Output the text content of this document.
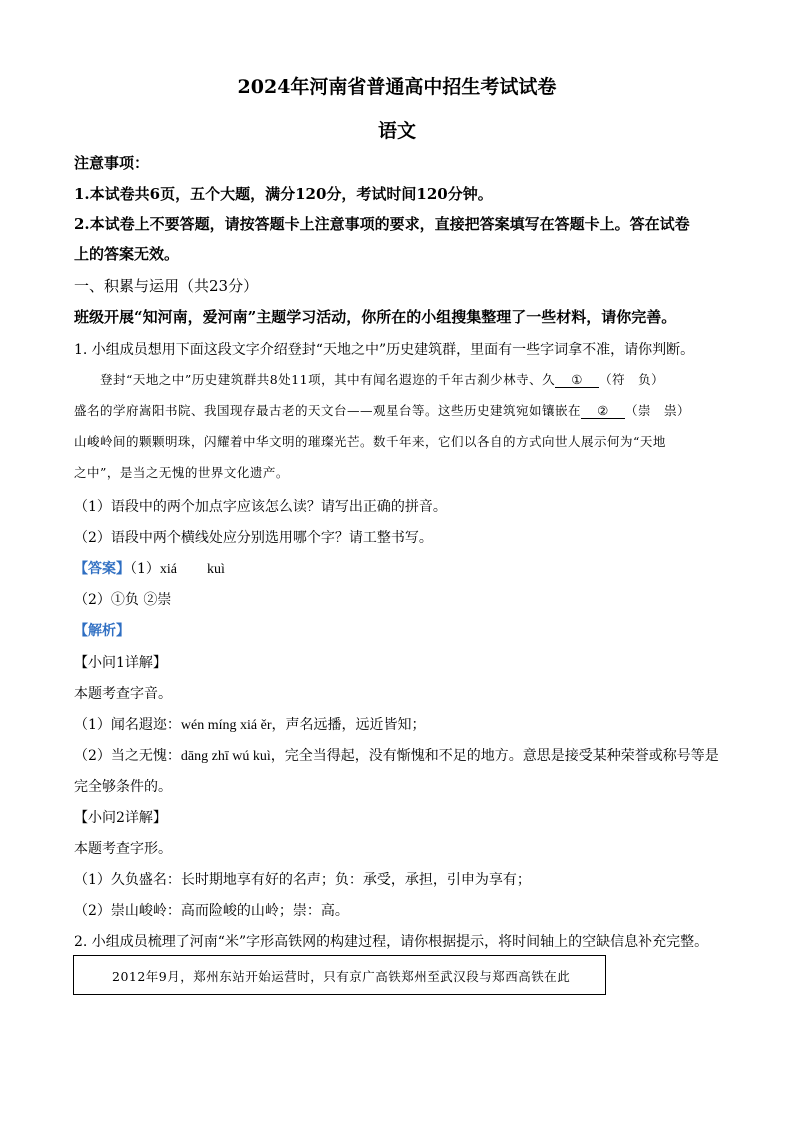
2024年河南省普通高中招生考试试卷
语文
注意事项：
1.本试卷共6页，五个大题，满分120分，考试时间120分钟。
2.本试卷上不要答题，请按答题卡上注意事项的要求，直接把答案填写在答题卡上。答在试卷
上的答案无效。
一、积累与运用（共23分）
班级开展“知河南，爱河南”主题学习活动，你所在的小组搜集整理了一些材料，请你完善。
1. 小组成员想用下面这段文字介绍登封“天地之中”历史建筑群，里面有一些字词拿不准，请你判断。
登封“天地之中”历史建筑群共8处11项，其中有闻名遐迩的千年古刹少林寺、久 ① （符　负）
盛名的学府嵩阳书院、我国现存最古老的天文台——观星台等。这些历史建筑宛如镶嵌在 ② （崇　祟）
山峻岭间的颗颗明珠，闪耀着中华文明的璀璨光芒。数千年来，它们以各自的方式向世人展示何为“天地
之中”，是当之无愧的世界文化遗产。
（1）语段中的两个加点字应该怎么读？请写出正确的拼音。
（2）语段中两个横线处应分别选用哪个字？请工整书写。
【答案】（1）xiá kuì
（2）①负 ②崇
【解析】
【小问1详解】
本题考查字音。
（1）闻名遐迩：wén míng xiá ěr，声名远播，远近皆知；
（2）当之无愧：dāng zhī wú kuì，完全当得起，没有惭愧和不足的地方。意思是接受某种荣誉或称号等是
完全够条件的。
【小问2详解】
本题考查字形。
（1）久负盛名：长时期地享有好的名声；负：承受，承担，引申为享有；
（2）崇山峻岭：高而险峻的山岭；崇：高。
2. 小组成员梳理了河南“米”字形高铁网的构建过程，请你根据提示，将时间轴上的空缺信息补充完整。
2012年9月，郑州东站开始运营时，只有京广高铁郑州至武汉段与郑西高铁在此
